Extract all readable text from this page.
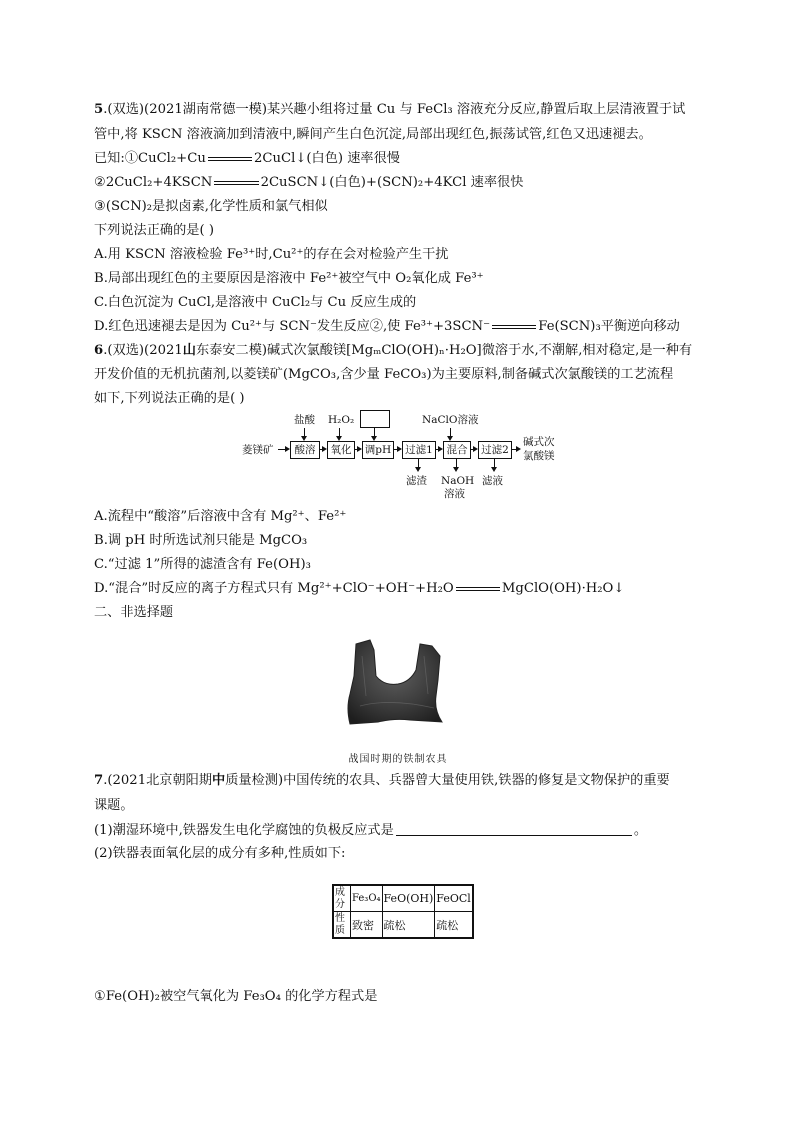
5.(双选)(2021湖南常德一模)某兴趣小组将过量 Cu 与 FeCl₃ 溶液充分反应,静置后取上层清液置于试
管中,将 KSCN 溶液滴加到清液中,瞬间产生白色沉淀,局部出现红色,振荡试管,红色又迅速褪去。
已知:①CuCl₂+Cu	2CuCl↓(白色) 速率很慢
②2CuCl₂+4KSCN	2CuSCN↓(白色)+(SCN)₂+4KCl 速率很快
③(SCN)₂是拟卤素,化学性质和氯气相似
下列说法正确的是( )
A.用 KSCN 溶液检验 Fe³⁺时,Cu²⁺的存在会对检验产生干扰
B.局部出现红色的主要原因是溶液中 Fe²⁺被空气中 O₂氧化成 Fe³⁺
C.白色沉淀为 CuCl,是溶液中 CuCl₂与 Cu 反应生成的
D.红色迅速褪去是因为 Cu²⁺与 SCN⁻发生反应②,使 Fe³⁺+3SCN⁻	Fe(SCN)₃平衡逆向移动
6.(双选)(2021山东泰安二模)碱式次氯酸镁[MgₘClO(OH)ₙ·H₂O]微溶于水,不潮解,相对稳定,是一种有
开发价值的无机抗菌剂,以菱镁矿(MgCO₃,含少量 FeCO₃)为主要原料,制备碱式次氯酸镁的工艺流程
如下,下列说法正确的是( )
盐酸 H₂O₂	NaClO溶液
菱镁矿	酸溶	氧化	调pH	过滤1	混合	过滤2
碱式次
氯酸镁
滤渣 NaOH
溶液
滤液
A.流程中“酸溶”后溶液中含有 Mg²⁺、Fe²⁺
B.调 pH 时所选试剂只能是 MgCO₃
C.“过滤 1”所得的滤渣含有 Fe(OH)₃
D.“混合”时反应的离子方程式只有 Mg²⁺+ClO⁻+OH⁻+H₂O	MgClO(OH)·H₂O↓
二、非选择题
战国时期的铁制农具
7.(2021北京朝阳期中质量检测)中国传统的农具、兵器曾大量使用铁,铁器的修复是文物保护的重要
课题。
(1)潮湿环境中,铁器发生电化学腐蚀的负极反应式是	。
(2)铁器表面氧化层的成分有多种,性质如下:
成分	Fe₃O₄	FeO(OH)	FeOCl
性质	致密	疏松	疏松
①Fe(OH)₂被空气氧化为 Fe₃O₄ 的化学方程式是
